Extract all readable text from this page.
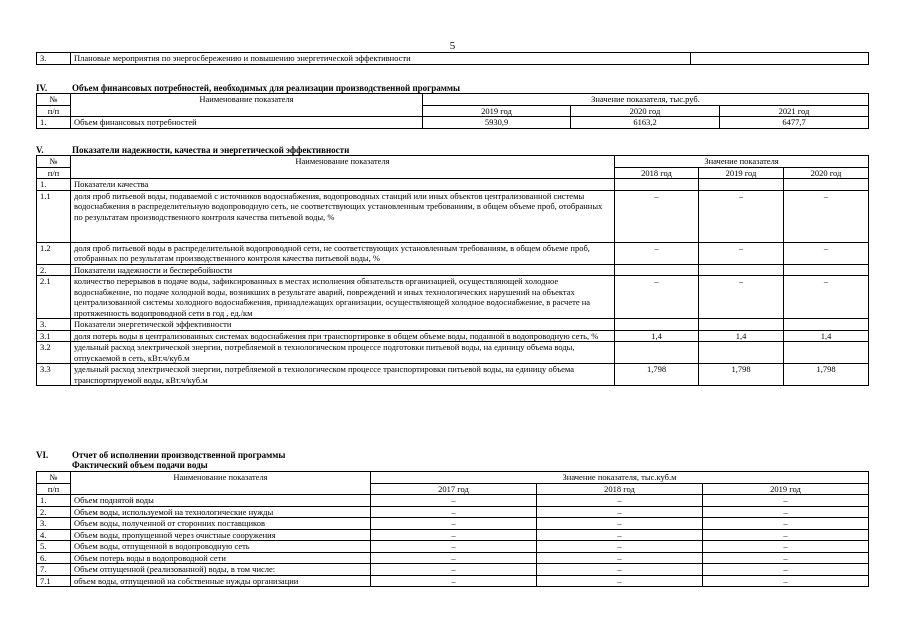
5
3.	Плановые мероприятия по энергосбережению и повышению энергетической эффективности	
IV.	Объем финансовых потребностей, необходимых для реализации производственной программы
№	Наименование показателя	Значение показателя, тыс.руб.		
п/п		2019 год	2020 год	2021 год
1.	Объем финансовых потребностей	5930,9	6163,2	6477,7
V.	Показатели надежности, качества и энергетической эффективности
№	Наименование показателя	Значение показателя		
п/п		2018 год	2019 год	2020 год
1.	Показатели качества			
1.1	доля проб питьевой воды, подаваемой с источников водоснабжения, водопроводных станций или иных объектов централизованной системы водоснабжения в распределительную водопроводную сеть, не соответствующих установленным требованиям, в общем объеме проб, отобранных по результатам производственного контроля качества питьевой воды, %	–	–	–
1.2	доля проб питьевой воды в распределительной водопроводной сети, не соответствующих установленным требованиям, в общем объеме проб, отобранных по результатам производственного контроля качества питьевой воды, %	–	–	–
2.	Показатели надежности и бесперебойности			
2.1	количество перерывов в подаче воды, зафиксированных в местах исполнения обязательств организацией, осуществляющей холодное водоснабжение, по подаче холодной воды, возникших в результате аварий, повреждений и иных технологических нарушений на объектах централизованной системы холодного водоснабжения, принадлежащих организации, осуществляющей холодное водоснабжение, в расчете на протяженность водопроводной сети в год , ед./км	–	–	–
3.	Показатели энергетической эффективности			
3.1	доля потерь воды в централизованных системах водоснабжения при транспортировке в общем объеме воды, поданной в водопроводную сеть, %	1,4	1,4	1,4
3.2	удельный расход электрической энергии, потребляемой в технологическом процессе подготовки питьевой воды, на единицу объема воды, отпускаемой в сеть, кВт.ч/куб.м			
3.3	удельный расход электрической энергии, потребляемой в технологическом процессе транспортировки питьевой воды, на единицу объема транспортируемой воды, кВт.ч/куб.м	1,798	1,798	1,798
VI.	Отчет об исполнении производственной программы
Фактический объем подачи воды
№	Наименование показателя	Значение показателя, тыс.куб.м		
п/п		2017 год	2018 год	2019 год
1.	Объем поднятой воды	–	–	–
2.	Объем воды, используемой на технологические нужды	–	–	–
3.	Объем воды, полученной от сторонних поставщиков	–	–	–
4.	Объем воды, пропущенной через очистные сооружения	–	–	–
5.	Объем воды, отпущенной в водопроводную сеть	–	–	–
6.	Объем потерь воды в водопроводной сети	–	–	–
7.	Объем отпущенной (реализованной) воды, в том числе:	–	–	–
7.1	объем воды, отпущенной на собственные нужды организации	–	–	–
